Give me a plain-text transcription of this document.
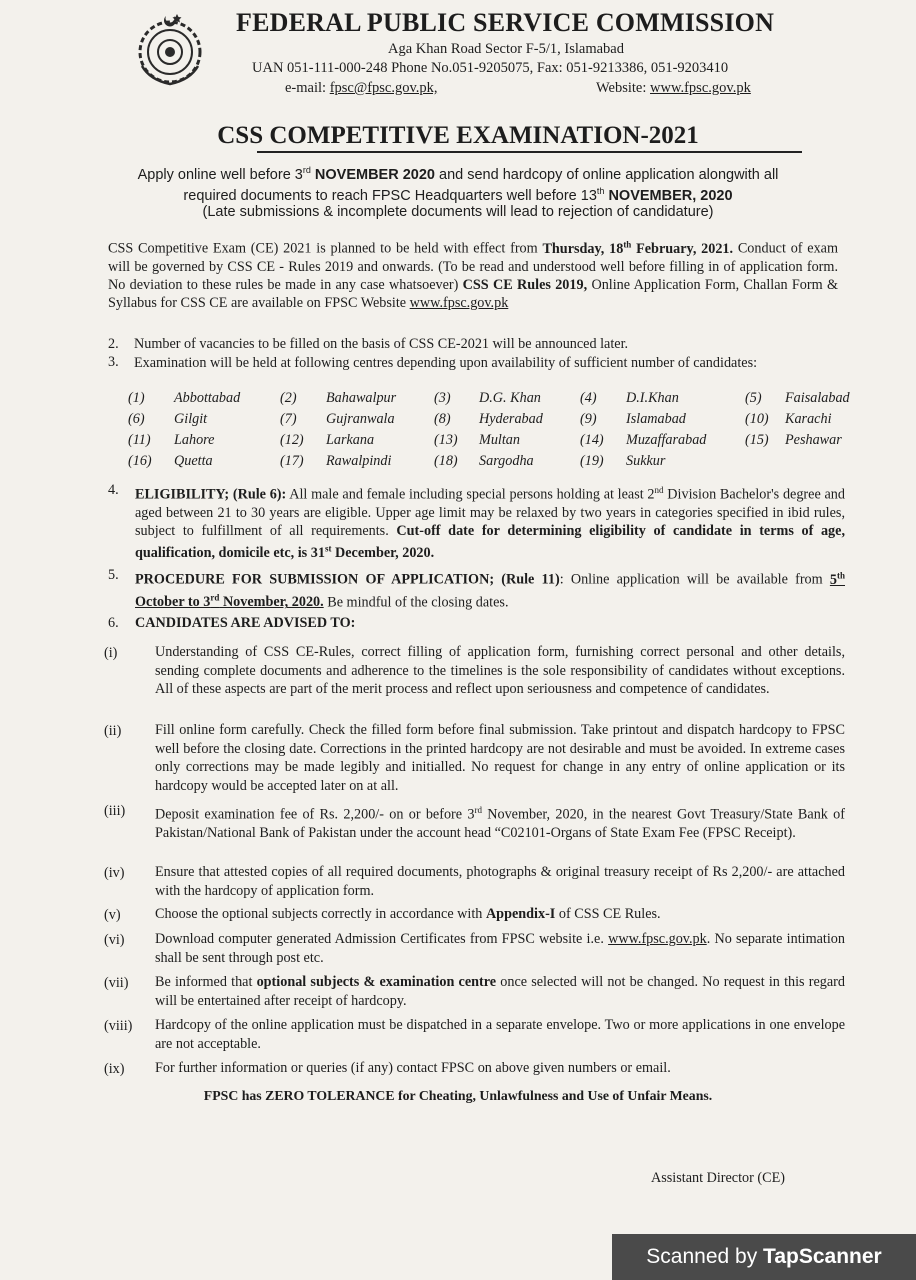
FEDERAL PUBLIC SERVICE COMMISSION
Aga Khan Road Sector F-5/1, Islamabad
UAN 051-111-000-248 Phone No.051-9205075, Fax: 051-9213386, 051-9203410
e-mail: fpsc@fpsc.gov.pk,	Website: www.fpsc.gov.pk
CSS COMPETITIVE EXAMINATION-2021
Apply online well before 3rd NOVEMBER 2020 and send hardcopy of online application alongwith all
required documents to reach FPSC Headquarters well before 13th NOVEMBER, 2020
(Late submissions & incomplete documents will lead to rejection of candidature)
CSS Competitive Exam (CE) 2021 is planned to be held with effect from Thursday, 18th February, 2021. Conduct of exam will be governed by CSS CE - Rules 2019 and onwards. (To be read and understood well before filling in of application form. No deviation to these rules be made in any case whatsoever) CSS CE Rules 2019, Online Application Form, Challan Form & Syllabus for CSS CE are available on FPSC Website www.fpsc.gov.pk
2. Number of vacancies to be filled on the basis of CSS CE-2021 will be announced later.
3.	Examination will be held at following centres depending upon availability of sufficient number of candidates:
(1) Abbottabad	(2) Bahawalpur	(3) D.G. Khan	(4) D.I.Khan	(5) Faisalabad
(6) Gilgit	(7) Gujranwala	(8) Hyderabad	(9) Islamabad	(10) Karachi
(11) Lahore	(12) Larkana	(13) Multan	(14) Muzaffarabad	(15) Peshawar
(16) Quetta	(17) Rawalpindi	(18) Sargodha	(19) Sukkur
4. ELIGIBILITY; (Rule 6): All male and female including special persons holding at least 2nd Division Bachelor's degree and aged between 21 to 30 years are eligible. Upper age limit may be relaxed by two years in categories specified in ibid rules, subject to fulfillment of all requirements. Cut-off date for determining eligibility of candidate in terms of age, qualification, domicile etc, is 31st December, 2020.
5. PROCEDURE FOR SUBMISSION OF APPLICATION; (Rule 11): Online application will be available from 5th October to 3rd November, 2020. Be mindful of the closing dates.
6. CANDIDATES ARE ADVISED TO:
(i)	Understanding of CSS CE-Rules, correct filling of application form, furnishing correct personal and other details, sending complete documents and adherence to the timelines is the sole responsibility of candidates without exceptions. All of these aspects are part of the merit process and reflect upon seriousness and competence of candidates.
(ii) Fill online form carefully. Check the filled form before final submission. Take printout and dispatch hardcopy to FPSC well before the closing date. Corrections in the printed hardcopy are not desirable and must be avoided. In extreme cases only corrections may be made legibly and initialled. No request for change in any entry of online application or its hardcopy would be accepted later on at all.
(iii) Deposit examination fee of Rs. 2,200/- on or before 3rd November, 2020, in the nearest Govt Treasury/State Bank of Pakistan/National Bank of Pakistan under the account head “C02101-Organs of State Exam Fee (FPSC Receipt).
(iv) Ensure that attested copies of all required documents, photographs & original treasury receipt of Rs 2,200/- are attached with the hardcopy of application form.
(v) Choose the optional subjects correctly in accordance with Appendix-I of CSS CE Rules.
(vi) Download computer generated Admission Certificates from FPSC website i.e. www.fpsc.gov.pk. No separate intimation shall be sent through post etc.
(vii) Be informed that optional subjects & examination centre once selected will not be changed. No request in this regard will be entertained after receipt of hardcopy.
(viii) Hardcopy of the online application must be dispatched in a separate envelope. Two or more applications in one envelope are not acceptable.
(ix) For further information or queries (if any) contact FPSC on above given numbers or email.
FPSC has ZERO TOLERANCE for Cheating, Unlawfulness and Use of Unfair Means.
Assistant Director (CE)
Scanned by TapScanner
